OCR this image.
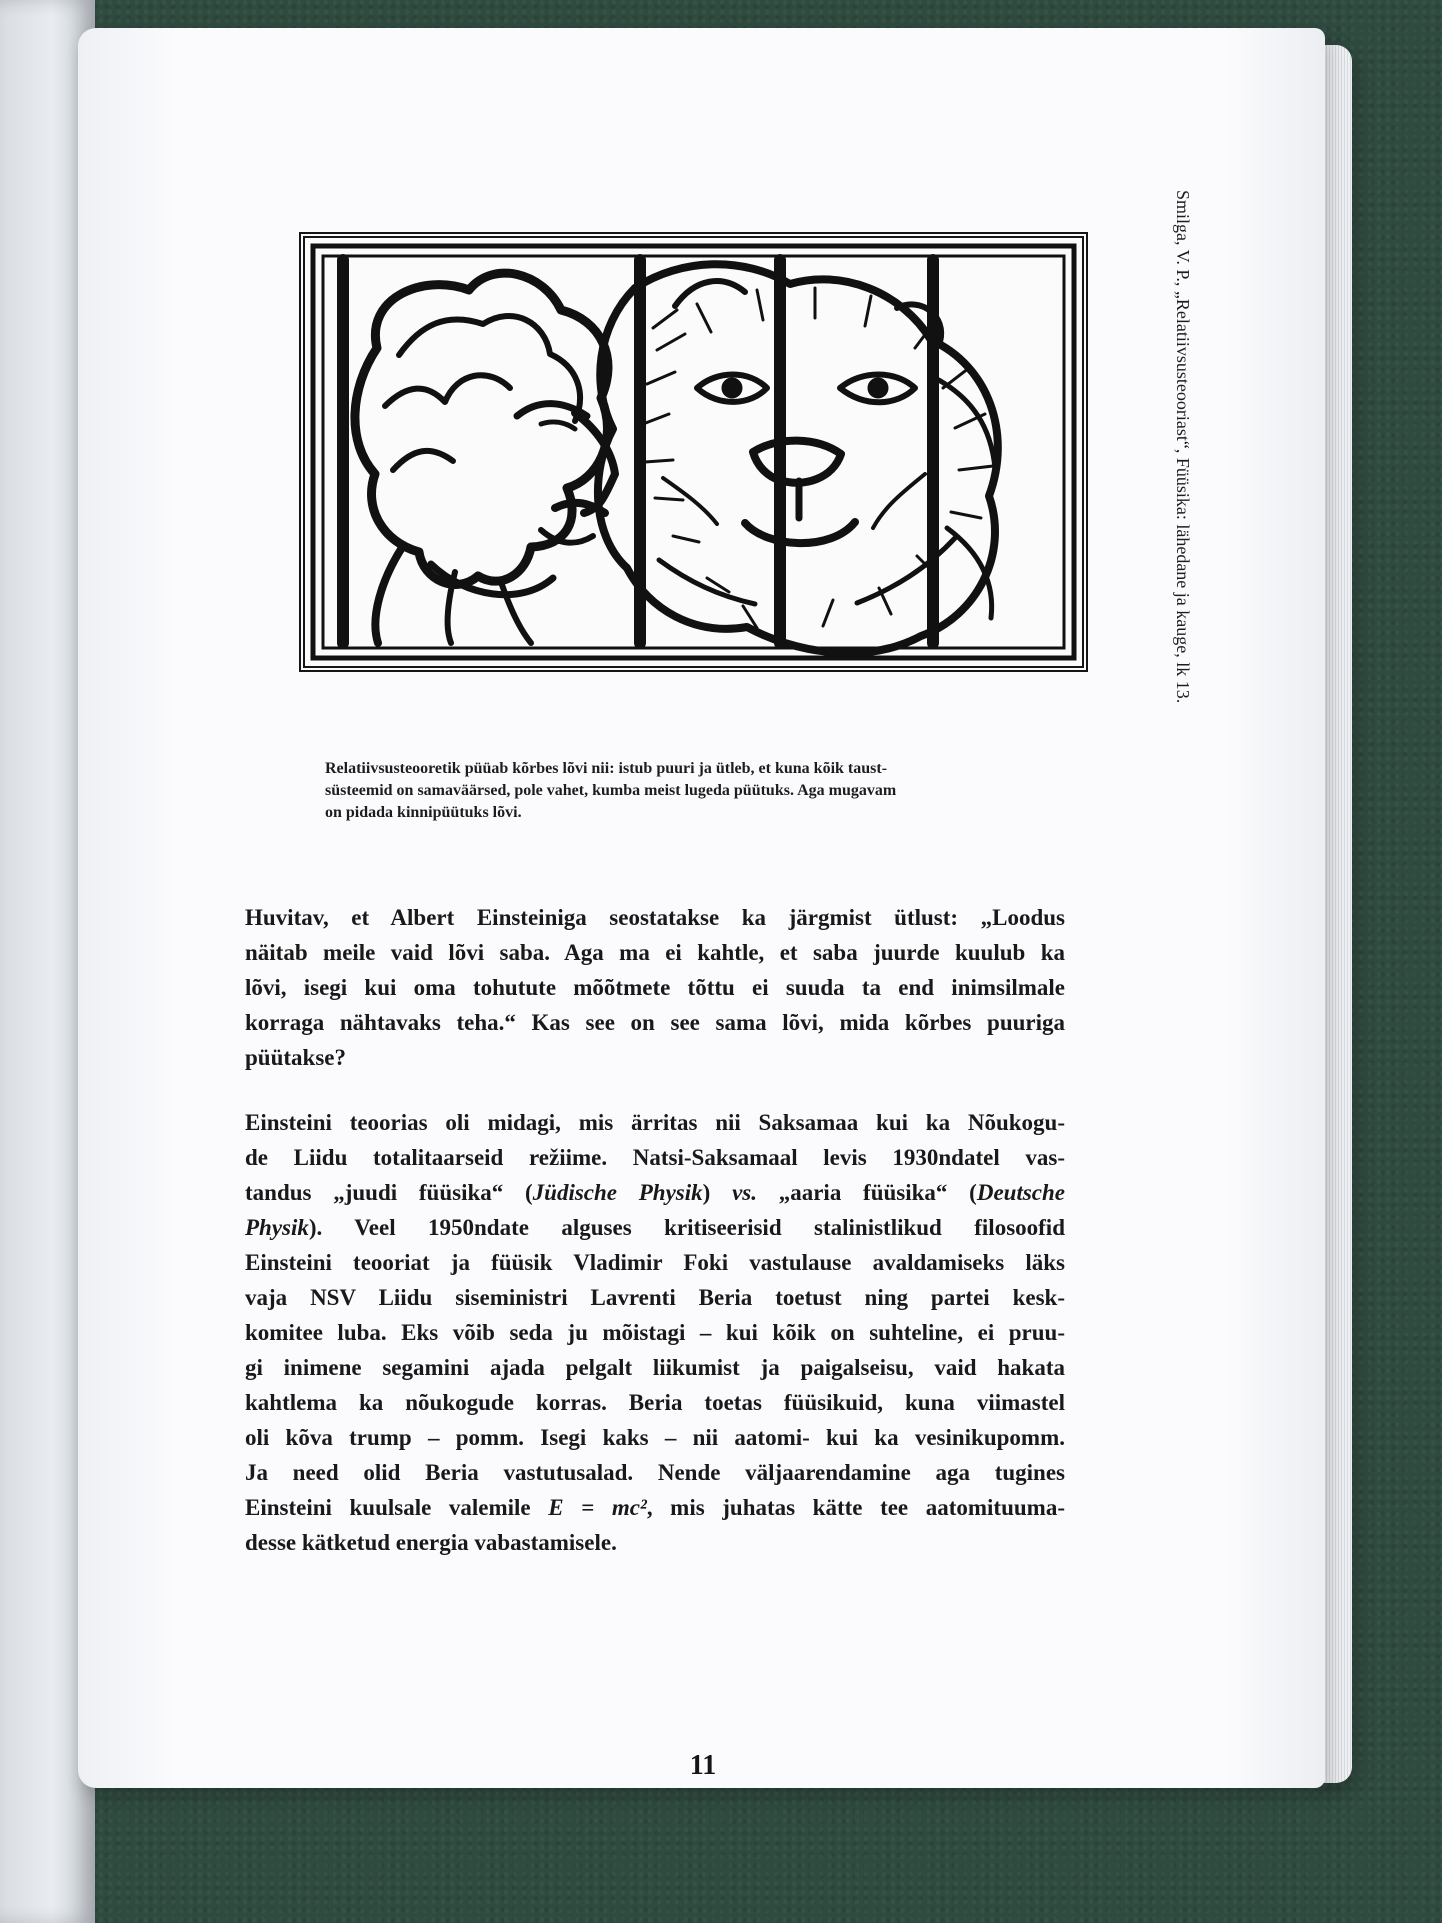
Smilga, V. P., „Relatiivsusteooriast“, Füüsika: lähedane ja kauge, lk 13.
Relatiivsusteooretik püüab kõrbes lõvi nii: istub puuri ja ütleb, et kuna kõik taust-
süsteemid on samaväärsed, pole vahet, kumba meist lugeda püütuks. Aga mugavam
on pidada kinnipüütuks lõvi.
Huvitav, et Albert Einsteiniga seostatakse ka järgmist ütlust: „Loodus
näitab meile vaid lõvi saba. Aga ma ei kahtle, et saba juurde kuulub ka
lõvi, isegi kui oma tohutute mõõtmete tõttu ei suuda ta end inimsilmale
korraga nähtavaks teha.“ Kas see on see sama lõvi, mida kõrbes puuriga
püütakse?
Einsteini teoorias oli midagi, mis ärritas nii Saksamaa kui ka Nõukogu-
de Liidu totalitaarseid režiime. Natsi-Saksamaal levis 1930ndatel vas-
tandus „juudi füüsika“ (Jüdische Physik) vs. „aaria füüsika“ (Deutsche
Physik). Veel 1950ndate alguses kritiseerisid stalinistlikud filosoofid
Einsteini teooriat ja füüsik Vladimir Foki vastulause avaldamiseks läks
vaja NSV Liidu siseministri Lavrenti Beria toetust ning partei kesk-
komitee luba. Eks võib seda ju mõistagi – kui kõik on suhteline, ei pruu-
gi inimene segamini ajada pelgalt liikumist ja paigalseisu, vaid hakata
kahtlema ka nõukogude korras. Beria toetas füüsikuid, kuna viimastel
oli kõva trump – pomm. Isegi kaks – nii aatomi- kui ka vesinikupomm.
Ja need olid Beria vastutusalad. Nende väljaarendamine aga tugines
Einsteini kuulsale valemile E = mc², mis juhatas kätte tee aatomituuma-
desse kätketud energia vabastamisele.
11
